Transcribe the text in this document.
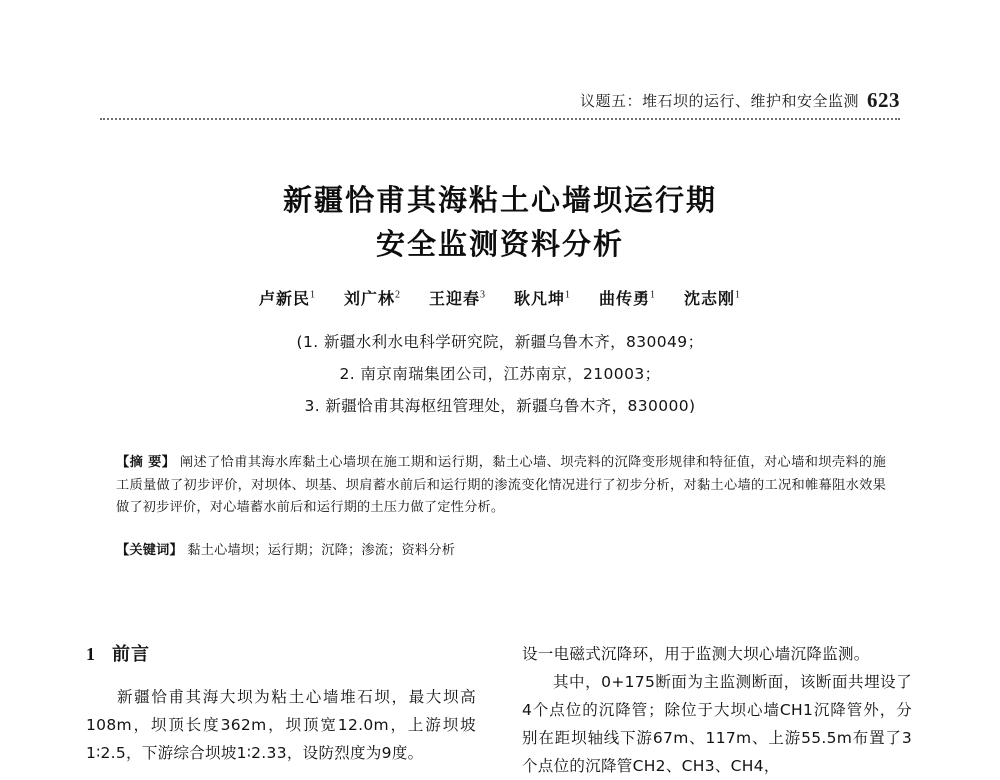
议题五：堆石坝的运行、维护和安全监测 623
新疆恰甫其海粘土心墙坝运行期
安全监测资料分析
卢新民$^1$ 刘广林$^2$ 王迎春$^3$ 耿凡坤$^1$ 曲传勇$^1$ 沈志刚$^1$
(1. 新疆水利水电科学研究院，新疆乌鲁木齐，830049；
2. 南京南瑞集团公司，江苏南京，210003；
3. 新疆恰甫其海枢纽管理处，新疆乌鲁木齐，830000)
【摘 要】 阐述了恰甫其海水库黏土心墙坝在施工期和运行期，黏土心墙、坝壳料的沉降变形规律和特征值，对心墙和坝壳料的施工质量做了初步评价，对坝体、坝基、坝肩蓄水前后和运行期的渗流变化情况进行了初步分析，对黏土心墙的工况和帷幕阻水效果做了初步评价，对心墙蓄水前后和运行期的土压力做了定性分析。
【关键词】 黏土心墙坝；运行期；沉降；渗流；资料分析
1 前言

新疆恰甫其海大坝为粘土心墙堆石坝，最大坝高108m，坝顶长度362m，坝顶宽12.0m，上游坝坡1∶2.5，下游综合坝坡1∶2.33，设防烈度为9度。

设一电磁式沉降环，用于监测大坝心墙沉降监测。

其中，0+175断面为主监测断面，该断面共埋设了4个点位的沉降管；除位于大坝心墙CH1沉降管外，分别在距坝轴线下游67m、117m、上游55.5m布置了3个点位的沉降管CH2、CH3、CH4，
